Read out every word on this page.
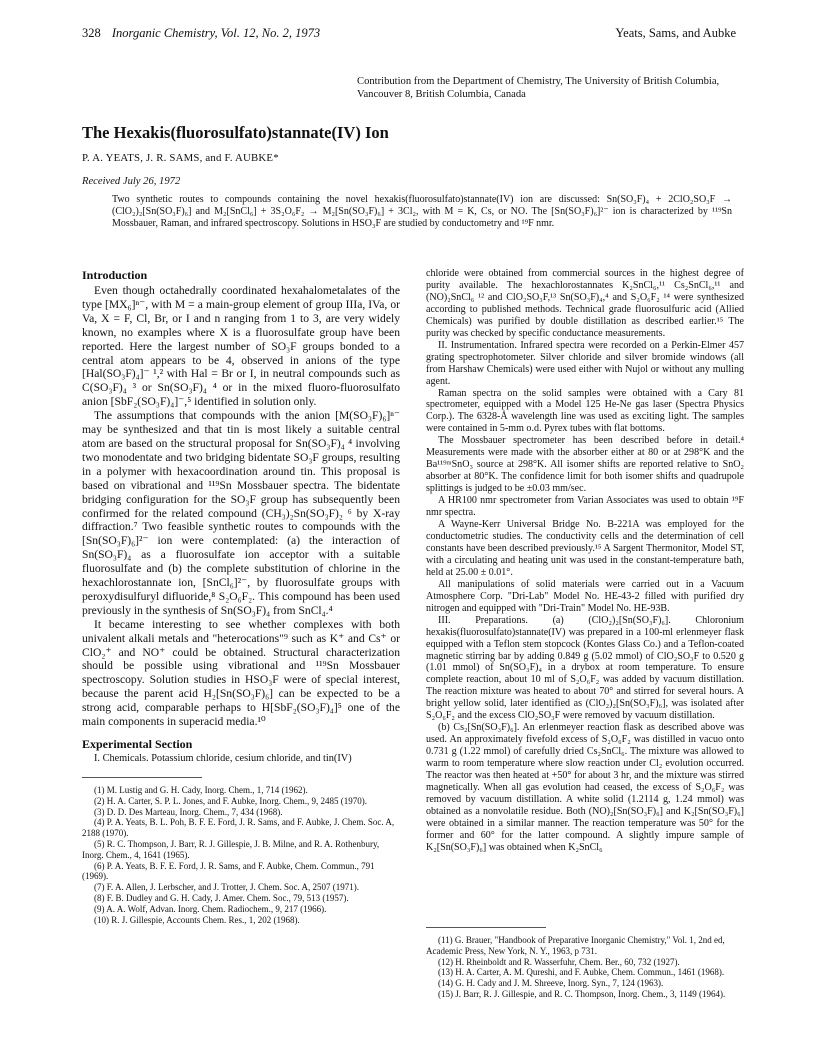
328 Inorganic Chemistry, Vol. 12, No. 2, 1973	Yeats, Sams, and Aubke
Contribution from the Department of Chemistry, The University of British Columbia, Vancouver 8, British Columbia, Canada
The Hexakis(fluorosulfato)stannate(IV) Ion
P. A. YEATS, J. R. SAMS, and F. AUBKE*
Received July 26, 1972
Two synthetic routes to compounds containing the novel hexakis(fluorosulfato)stannate(IV) ion are discussed: Sn(SO₃F)₄ + 2ClO₂SO₃F → (ClO₂)₂[Sn(SO₃F)₆] and M₂[SnCl₆] + 3S₂O₆F₂ → M₂[Sn(SO₃F)₆] + 3Cl₂, with M = K, Cs, or NO. The [Sn(SO₃F)₆]²⁻ ion is characterized by ¹¹⁹Sn Mossbauer, Raman, and infrared spectroscopy. Solutions in HSO₃F are studied by conductometry and ¹⁹F nmr.
Introduction

Even though octahedrally coordinated hexahalometalates of the type [MX₆]ⁿ⁻, with M = a main-group element of group IIIa, IVa, or Va, X = F, Cl, Br, or I and n ranging from 1 to 3, are very widely known, no examples where X is a fluorosulfate group have been reported. Here the largest number of SO₃F groups bonded to a central atom appears to be 4, observed in anions of the type [Hal(SO₃F)₄]⁻ ¹,² with Hal = Br or I, in neutral compounds such as C(SO₃F)₄ ³ or Sn(SO₃F)₄ ⁴ or in the mixed fluoro-fluorosulfato anion [SbF₂(SO₃F)₄]⁻,⁵ identified in solution only.

The assumptions that compounds with the anion [M(SO₃F)₆]ⁿ⁻ may be synthesized and that tin is most likely a suitable central atom are based on the structural proposal for Sn(SO₃F)₄ ⁴ involving two monodentate and two bridging bidentate SO₃F groups, resulting in a polymer with hexacoordination around tin. This proposal is based on vibrational and ¹¹⁹Sn Mossbauer spectra. The bidentate bridging configuration for the SO₃F group has subsequently been confirmed for the related compound (CH₃)₂Sn(SO₃F)₂ ⁶ by X-ray diffraction.⁷ Two feasible synthetic routes to compounds with the [Sn(SO₃F)₆]²⁻ ion were contemplated: (a) the interaction of Sn(SO₃F)₄ as a fluorosulfate ion acceptor with a suitable fluorosulfate and (b) the complete substitution of chlorine in the hexachlorostannate ion, [SnCl₆]²⁻, by fluorosulfate groups with peroxydisulfuryl difluoride,⁸ S₂O₆F₂. This compound has been used previously in the synthesis of Sn(SO₃F)₄ from SnCl₄.⁴

It became interesting to see whether complexes with both univalent alkali metals and "heterocations"⁹ such as K⁺ and Cs⁺ or ClO₂⁺ and NO⁺ could be obtained. Structural characterization should be possible using vibrational and ¹¹⁹Sn Mossbauer spectroscopy. Solution studies in HSO₃F were of special interest, because the parent acid H₂[Sn(SO₃F)₆] can be expected to be a strong acid, comparable perhaps to H[SbF₂(SO₃F)₄]⁵ one of the main components in superacid media.¹⁰

Experimental Section

I. Chemicals. Potassium chloride, cesium chloride, and tin(IV)

(1) M. Lustig and G. H. Cady, Inorg. Chem., 1, 714 (1962).

(2) H. A. Carter, S. P. L. Jones, and F. Aubke, Inorg. Chem., 9, 2485 (1970).

(3) D. D. Des Marteau, Inorg. Chem., 7, 434 (1968).

(4) P. A. Yeats, B. L. Poh, B. F. E. Ford, J. R. Sams, and F. Aubke, J. Chem. Soc. A, 2188 (1970).

(5) R. C. Thompson, J. Barr, R. J. Gillespie, J. B. Milne, and R. A. Rothenbury, Inorg. Chem., 4, 1641 (1965).

(6) P. A. Yeats, B. F. E. Ford, J. R. Sams, and F. Aubke, Chem. Commun., 791 (1969).

(7) F. A. Allen, J. Lerbscher, and J. Trotter, J. Chem. Soc. A, 2507 (1971).

(8) F. B. Dudley and G. H. Cady, J. Amer. Chem. Soc., 79, 513 (1957).

(9) A. A. Wolf, Advan. Inorg. Chem. Radiochem., 9, 217 (1966).

(10) R. J. Gillespie, Accounts Chem. Res., 1, 202 (1968).

chloride were obtained from commercial sources in the highest degree of purity available. The hexachlorostannates K₂SnCl₆,¹¹ Cs₂SnCl₆,¹¹ and (NO)₂SnCl₆ ¹² and ClO₂SO₃F,¹³ Sn(SO₃F)₄,⁴ and S₂O₆F₂ ¹⁴ were synthesized according to published methods. Technical grade fluorosulfuric acid (Allied Chemicals) was purified by double distillation as described earlier.¹⁵ The purity was checked by specific conductance measurements.

II. Instrumentation. Infrared spectra were recorded on a Perkin-Elmer 457 grating spectrophotometer. Silver chloride and silver bromide windows (all from Harshaw Chemicals) were used either with Nujol or without any mulling agent.

Raman spectra on the solid samples were obtained with a Cary 81 spectrometer, equipped with a Model 125 He-Ne gas laser (Spectra Physics Corp.). The 6328-Å wavelength line was used as exciting light. The samples were contained in 5-mm o.d. Pyrex tubes with flat bottoms.

The Mossbauer spectrometer has been described before in detail.⁴ Measurements were made with the absorber either at 80 or at 298°K and the Ba¹¹⁹ᵐSnO₃ source at 298°K. All isomer shifts are reported relative to SnO₂ absorber at 80°K. The confidence limit for both isomer shifts and quadrupole splittings is judged to be ±0.03 mm/sec.

A HR100 nmr spectrometer from Varian Associates was used to obtain ¹⁹F nmr spectra.

A Wayne-Kerr Universal Bridge No. B-221A was employed for the conductometric studies. The conductivity cells and the determination of cell constants have been described previously.¹⁵ A Sargent Thermonitor, Model ST, with a circulating and heating unit was used in the constant-temperature bath, held at 25.00 ± 0.01°.

All manipulations of solid materials were carried out in a Vacuum Atmosphere Corp. "Dri-Lab" Model No. HE-43-2 filled with purified dry nitrogen and equipped with "Dri-Train" Model No. HE-93B.

III. Preparations. (a) (ClO₂)₂[Sn(SO₃F)₆]. Chloronium hexakis(fluorosulfato)stannate(IV) was prepared in a 100-ml erlenmeyer flask equipped with a Teflon stem stopcock (Kontes Glass Co.) and a Teflon-coated magnetic stirring bar by adding 0.849 g (5.02 mmol) of ClO₂SO₃F to 0.520 g (1.01 mmol) of Sn(SO₃F)₄ in a drybox at room temperature. To ensure complete reaction, about 10 ml of S₂O₆F₂ was added by vacuum distillation. The reaction mixture was heated to about 70° and stirred for several hours. A bright yellow solid, later identified as (ClO₂)₂[Sn(SO₃F)₆], was isolated after S₂O₆F₂ and the excess ClO₂SO₃F were removed by vacuum distillation.

(b) Cs₂[Sn(SO₃F)₆]. An erlenmeyer reaction flask as described above was used. An approximately fivefold excess of S₂O₆F₂ was distilled in vacuo onto 0.731 g (1.22 mmol) of carefully dried Cs₂SnCl₆. The mixture was allowed to warm to room temperature where slow reaction under Cl₂ evolution occurred. The reactor was then heated at +50° for about 3 hr, and the mixture was stirred magnetically. When all gas evolution had ceased, the excess of S₂O₆F₂ was removed by vacuum distillation. A white solid (1.2114 g, 1.24 mmol) was obtained as a nonvolatile residue. Both (NO)₂[Sn(SO₃F)₆] and K₂[Sn(SO₃F)₆] were obtained in a similar manner. The reaction temperature was 50° for the former and 60° for the latter compound. A slightly impure sample of K₂[Sn(SO₃F)₆] was obtained when K₂SnCl₆

(11) G. Brauer, "Handbook of Preparative Inorganic Chemistry," Vol. 1, 2nd ed, Academic Press, New York, N. Y., 1963, p 731.

(12) H. Rheinboldt and R. Wasserfuhr, Chem. Ber., 60, 732 (1927).

(13) H. A. Carter, A. M. Qureshi, and F. Aubke, Chem. Commun., 1461 (1968).

(14) G. H. Cady and J. M. Shreeve, Inorg. Syn., 7, 124 (1963).

(15) J. Barr, R. J. Gillespie, and R. C. Thompson, Inorg. Chem., 3, 1149 (1964).
